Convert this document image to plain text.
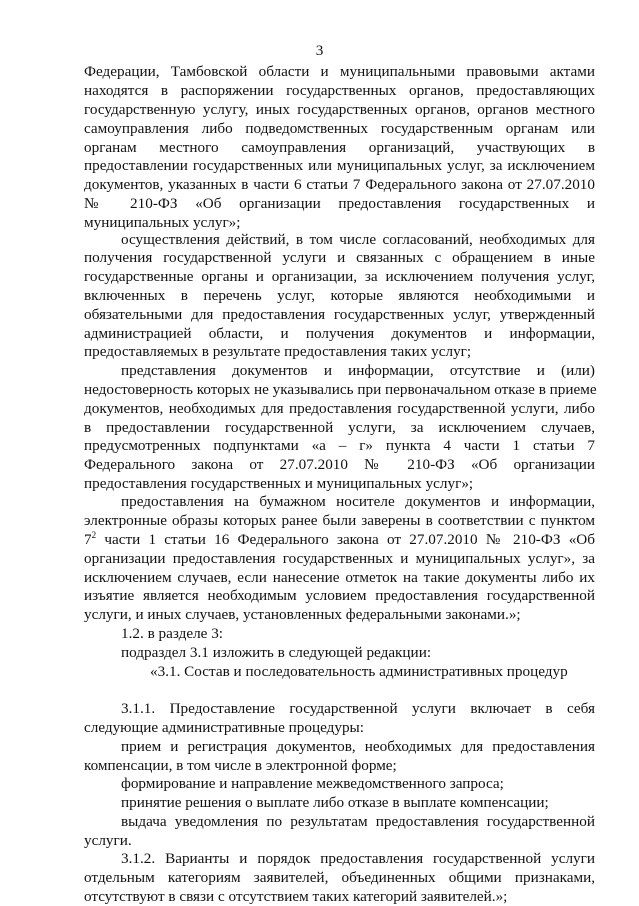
3
Федерации, Тамбовской области и муниципальными правовыми актами
находятся в распоряжении государственных органов, предоставляющих
государственную услугу, иных государственных органов, органов местного
самоуправления либо подведомственных государственным органам или
органам местного самоуправления организаций, участвующих в
предоставлении государственных или муниципальных услуг, за исключением
документов, указанных в части 6 статьи 7 Федерального закона от 27.07.2010
№ 210-ФЗ «Об организации предоставления государственных и
муниципальных услуг»;
осуществления действий, в том числе согласований, необходимых для
получения государственной услуги и связанных с обращением в иные
государственные органы и организации, за исключением получения услуг,
включенных в перечень услуг, которые являются необходимыми и
обязательными для предоставления государственных услуг, утвержденный
администрацией области, и получения документов и информации,
предоставляемых в результате предоставления таких услуг;
представления документов и информации, отсутствие и (или)
недостоверность которых не указывались при первоначальном отказе в приеме
документов, необходимых для предоставления государственной услуги, либо
в предоставлении государственной услуги, за исключением случаев,
предусмотренных подпунктами «а – г» пункта 4 части 1 статьи 7
Федерального закона от 27.07.2010 № 210-ФЗ «Об организации
предоставления государственных и муниципальных услуг»;
предоставления на бумажном носителе документов и информации,
электронные образы которых ранее были заверены в соответствии с пунктом
$7^2$ части 1 статьи 16 Федерального закона от 27.07.2010 № 210-ФЗ «Об
организации предоставления государственных и муниципальных услуг», за
исключением случаев, если нанесение отметок на такие документы либо их
изъятие является необходимым условием предоставления государственной
услуги, и иных случаев, установленных федеральными законами.»;
1.2. в разделе 3:
подраздел 3.1 изложить в следующей редакции:
«3.1. Состав и последовательность административных процедур
3.1.1. Предоставление государственной услуги включает в себя
следующие административные процедуры:
прием и регистрация документов, необходимых для предоставления
компенсации, в том числе в электронной форме;
формирование и направление межведомственного запроса;
принятие решения о выплате либо отказе в выплате компенсации;
выдача уведомления по результатам предоставления государственной
услуги.
3.1.2. Варианты и порядок предоставления государственной услуги
отдельным категориям заявителей, объединенных общими признаками,
отсутствуют в связи с отсутствием таких категорий заявителей.»;
